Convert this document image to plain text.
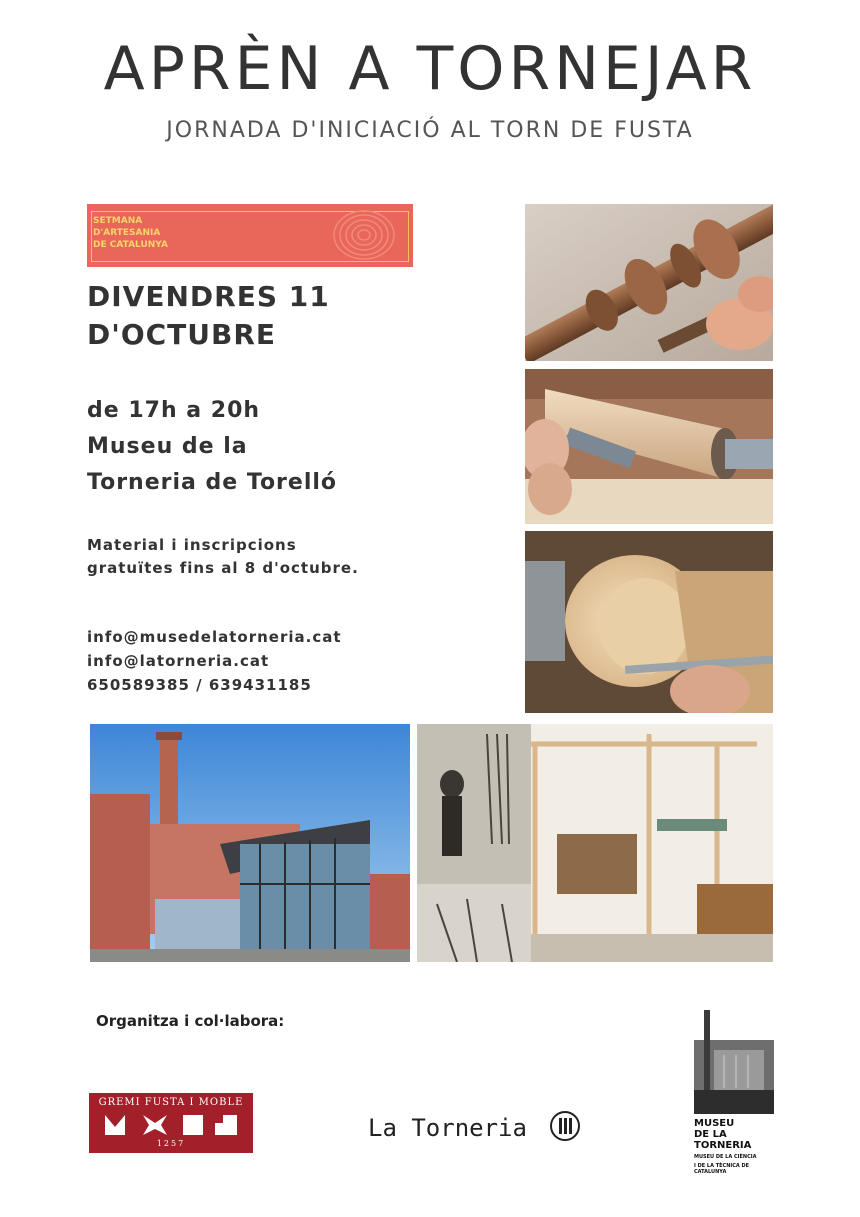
APRÈN A TORNEJAR
JORNADA D'INICIACIÓ AL TORN DE FUSTA
SETMANA
D'ARTESANIA
DE CATALUNYA
DIVENDRES 11
D'OCTUBRE
de 17h a 20h
Museu de la
Torneria de Torelló
Material i inscripcions
gratuïtes fins al 8 d'octubre.
info@musedelatorneria.cat
info@latorneria.cat
650589385 / 639431185
Organitza i col·labora:
GREMI FUSTA I MOBLE
1257
La Torneria	MUSEU
DE LA TORNERIA
MUSEU DE LA CIÈNCIA
I DE LA TÈCNICA DE CATALUNYA
